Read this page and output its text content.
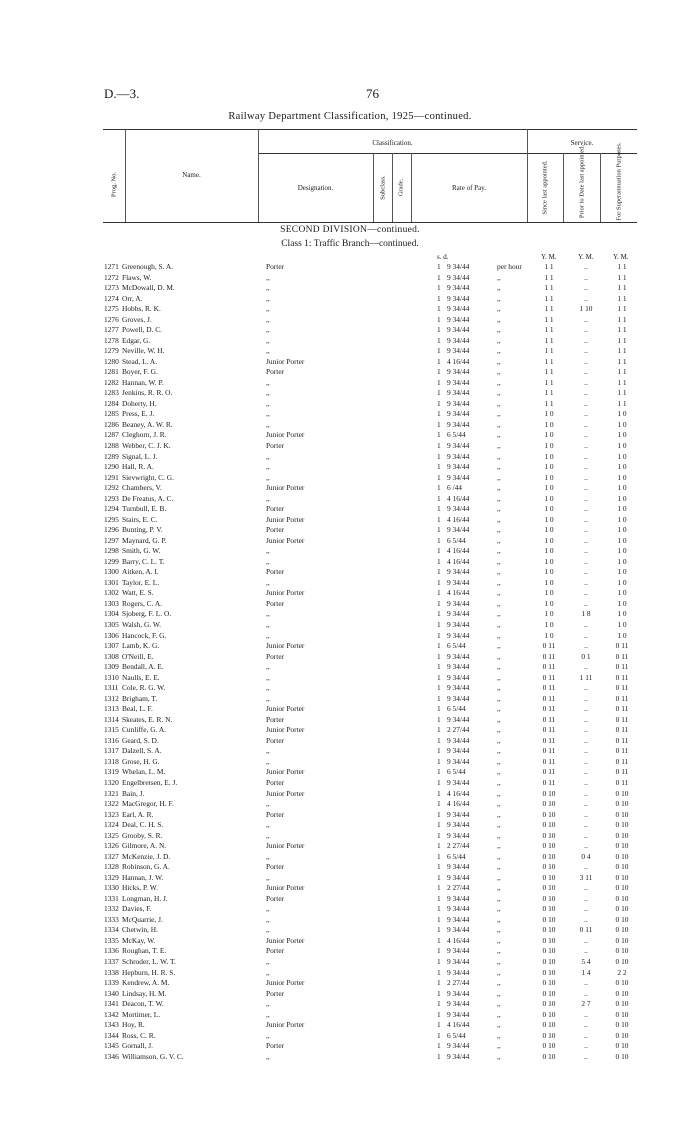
D.—3.	76
Railway Department Classification, 1925—continued.
Prog. No.	Name.
Classification.
Designation.	Subclass. Grade.	Rate of Pay.
Service.
Since last appointed.	Prior to Date last appointed.	For Superannuation Purposes.
SECOND DIVISION—continued.
Class 1: Traffic Branch—continued.
s. d.	Y. M.	Y. M.	Y. M.
1271 Greenough, S. A.	Porter	1 9 34/44	per hour	1 1	..	1 1
1272 Flaws, W.	,,	1 9 34/44	,,	1 1	..	1 1
1273 McDowall, D. M.	,,	1 9 34/44	,,	1 1	..	1 1
1274 Orr, A.	,,	1 9 34/44	,,	1 1	..	1 1
1275 Hobbs, R. K.	,,	1 9 34/44	,,	1 1	1 10	1 1
1276 Groves, J.	,,	1 9 34/44	,,	1 1	..	1 1
1277 Powell, D. C.	,,	1 9 34/44	,,	1 1	..	1 1
1278 Edgar, G.	,,	1 9 34/44	,,	1 1	..	1 1
1279 Neville, W. H.	,,	1 9 34/44	,,	1 1	..	1 1
1280 Stead, L. A.	Junior Porter	1 4 16/44	,,	1 1	..	1 1
1281 Boyer, F. G.	Porter	1 9 34/44	,,	1 1	..	1 1
1282 Hannan, W. P.	,,	1 9 34/44	,,	1 1	..	1 1
1283 Jenkins, R. R. O.	,,	1 9 34/44	,,	1 1	..	1 1
1284 Doherty, H.	,,	1 9 34/44	,,	1 1	..	1 1
1285 Press, E. J.	,,	1 9 34/44	,,	1 0	..	1 0
1286 Beaney, A. W. R.	,,	1 9 34/44	,,	1 0	..	1 0
1287 Cleghorn, J. R.	Junior Porter	1 6 5/44	,,	1 0	..	1 0
1288 Webber, C. J. K.	Porter	1 9 34/44	,,	1 0	..	1 0
1289 Signal, L. J.	,,	1 9 34/44	,,	1 0	..	1 0
1290 Hall, R. A.	,,	1 9 34/44	,,	1 0	..	1 0
1291 Sievwright, C. G.	,,	1 9 34/44	,,	1 0	..	1 0
1292 Chambers, V.	Junior Porter	1 6 /44	,,	1 0	..	1 0
1293 De Freatus, A. C.	,,	1 4 16/44	,,	1 0	..	1 0
1294 Turnbull, E. B.	Porter	1 9 34/44	,,	1 0	..	1 0
1295 Stairs, E. C.	Junior Porter	1 4 16/44	,,	1 0	..	1 0
1296 Bunting, P. V.	Porter	1 9 34/44	,,	1 0	..	1 0
1297 Maynard, G. P.	Junior Porter	1 6 5/44	,,	1 0	..	1 0
1298 Smith, G. W.	,,	1 4 16/44	,,	1 0	..	1 0
1299 Barry, C. L. T.	,,	1 4 16/44	,,	1 0	..	1 0
1300 Aitken, A. I.	Porter	1 9 34/44	,,	1 0	..	1 0
1301 Taylor, E. L.	,,	1 9 34/44	,,	1 0	..	1 0
1302 Watt, E. S.	Junior Porter	1 4 16/44	,,	1 0	..	1 0
1303 Rogers, C. A.	Porter	1 9 34/44	,,	1 0	..	1 0
1304 Sjoberg, F. L. O.	,,	1 9 34/44	,,	1 0	1 8	1 0
1305 Walsh, G. W.	,,	1 9 34/44	,,	1 0	..	1 0
1306 Hancock, F. G.	,,	1 9 34/44	,,	1 0	..	1 0
1307 Lamb, K. G.	Junior Porter	1 6 5/44	,,	0 11	..	0 11
1308 O'Neill, E.	Porter	1 9 34/44	,,	0 11	0 1	0 11
1309 Bendall, A. E.	,,	1 9 34/44	,,	0 11	..	0 11
1310 Naulls, E. E.	,,	1 9 34/44	,,	0 11	1 11	0 11
1311 Cole, R. G. W.	,,	1 9 34/44	,,	0 11	..	0 11
1312 Brigham, T.	,,	1 9 34/44	,,	0 11	..	0 11
1313 Beal, L. F.	Junior Porter	1 6 5/44	,,	0 11	..	0 11
1314 Skeates, E. R. N.	Porter	1 9 34/44	,,	0 11	..	0 11
1315 Cunliffe, G. A.	Junior Porter	1 2 27/44	,,	0 11	..	0 11
1316 Geard, S. D.	Porter	1 9 34/44	,,	0 11	..	0 11
1317 Dalzell, S. A.	,,	1 9 34/44	,,	0 11	..	0 11
1318 Grose, H. G.	,,	1 9 34/44	,,	0 11	..	0 11
1319 Whelan, L. M.	Junior Porter	1 6 5/44	,,	0 11	..	0 11
1320 Engelbretsen, E. J.	Porter	1 9 34/44	,,	0 11	..	0 11
1321 Bain, J.	Junior Porter	1 4 16/44	,,	0 10	..	0 10
1322 MacGregor, H. F.	,,	1 4 16/44	,,	0 10	..	0 10
1323 Earl, A. R.	Porter	1 9 34/44	,,	0 10	..	0 10
1324 Deal, C. H. S.	,,	1 9 34/44	,,	0 10	..	0 10
1325 Grooby, S. R.	,,	1 9 34/44	,,	0 10	..	0 10
1326 Gilmore, A. N.	Junior Porter	1 2 27/44	,,	0 10	..	0 10
1327 McKenzie, J. D.	,,	1 6 5/44	,,	0 10	0 4	0 10
1328 Robinson, G. A.	Porter	1 9 34/44	,,	0 10	..	0 10
1329 Hannan, J. W.	,,	1 9 34/44	,,	0 10	3 11	0 10
1330 Hicks, P. W.	Junior Porter	1 2 27/44	,,	0 10	..	0 10
1331 Longman, H. J.	Porter	1 9 34/44	,,	0 10	..	0 10
1332 Davies, F.	,,	1 9 34/44	,,	0 10	..	0 10
1333 McQuarrie, J.	,,	1 9 34/44	,,	0 10	..	0 10
1334 Chetwin, H.	,,	1 9 34/44	,,	0 10	0 11	0 10
1335 McKay, W.	Junior Porter	1 4 16/44	,,	0 10	..	0 10
1336 Roughan, T. E.	Porter	1 9 34/44	,,	0 10	..	0 10
1337 Schroder, L. W. T.	,,	1 9 34/44	,,	0 10	5 4	0 10
1338 Hepburn, H. R. S.	,,	1 9 34/44	,,	0 10	1 4	2 2
1339 Kendrew, A. M.	Junior Porter	1 2 27/44	,,	0 10	..	0 10
1340 Lindsay, H. M.	Porter	1 9 34/44	,,	0 10	..	0 10
1341 Deacon, T. W.	,,	1 9 34/44	,,	0 10	2 7	0 10
1342 Mortimer, L.	,,	1 9 34/44	,,	0 10	..	0 10
1343 Hoy, R.	Junior Porter	1 4 16/44	,,	0 10	..	0 10
1344 Ross, C. R.	,,	1 6 5/44	,,	0 10	..	0 10
1345 Gornall, J.	Porter	1 9 34/44	,,	0 10	..	0 10
1346 Williamson, G. V. C.	,,	1 9 34/44	,,	0 10	..	0 10
